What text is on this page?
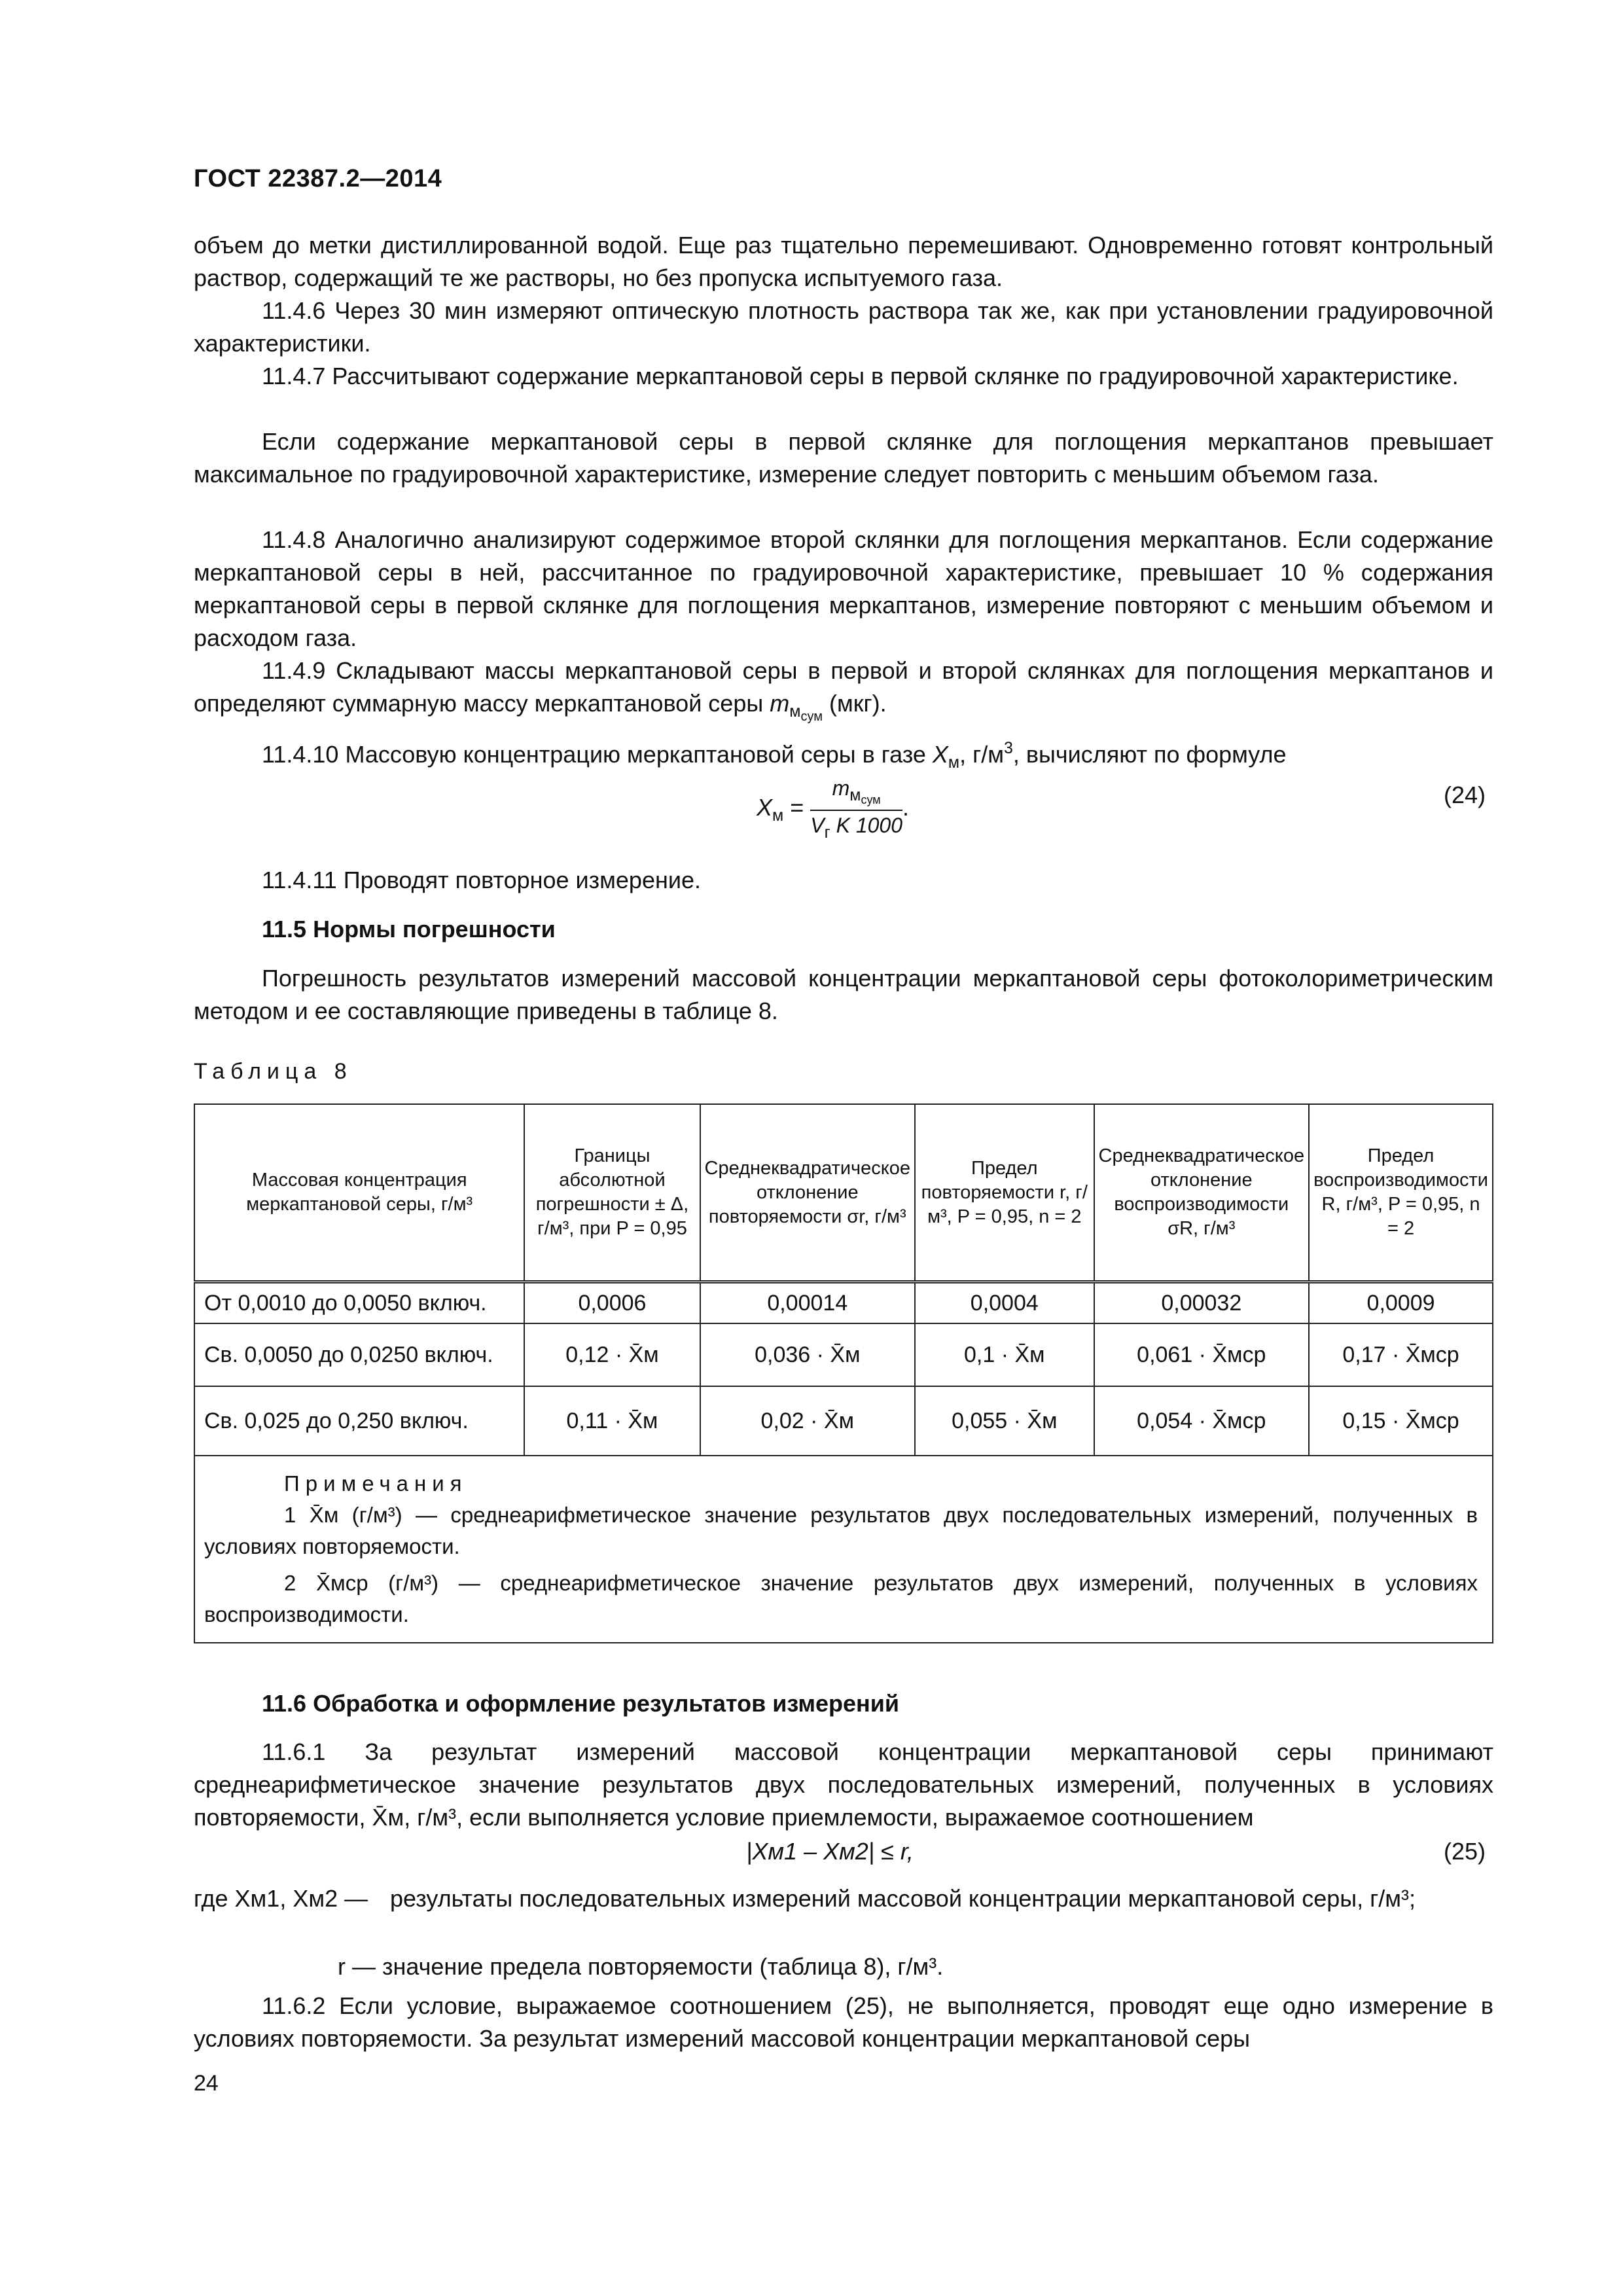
ГОСТ 22387.2—2014
объем до метки дистиллированной водой. Еще раз тщательно перемешивают. Одновременно готовят контрольный раствор, содержащий те же растворы, но без пропуска испытуемого газа.
11.4.6 Через 30 мин измеряют оптическую плотность раствора так же, как при установлении градуировочной характеристики.
11.4.7 Рассчитывают содержание меркаптановой серы в первой склянке по градуировочной характеристике.
Если содержание меркаптановой серы в первой склянке для поглощения меркаптанов превышает максимальное по градуировочной характеристике, измерение следует повторить с меньшим объемом газа.
11.4.8 Аналогично анализируют содержимое второй склянки для поглощения меркаптанов. Если содержание меркаптановой серы в ней, рассчитанное по градуировочной характеристике, превышает 10 % содержания меркаптановой серы в первой склянке для поглощения меркаптанов, измерение повторяют с меньшим объемом и расходом газа.
11.4.9 Складывают массы меркаптановой серы в первой и второй склянках для поглощения меркаптанов и определяют суммарную массу меркаптановой серы $m_{м_{сум}}$ (мкг).
11.4.10 Массовую концентрацию меркаптановой серы в газе $X_м$, $г/м^3$, вычисляют по формуле
$X_м = \frac{m_{м_{сум}}}{V_г K 1000}$ .	(24)
11.4.11 Проводят повторное измерение.
11.5 Нормы погрешности
Погрешность результатов измерений массовой концентрации меркаптановой серы фотоколориметрическим методом и ее составляющие приведены в таблице 8.
Таблица 8
Массовая концентрация меркаптановой серы, г/м³	Границы абсолютной погрешности ± Δ, г/м³, при P = 0,95	Среднеквадратическое отклонение повторяемости σr, г/м³	Предел повторяемости r, г/м³, P = 0,95, n = 2	Среднеквадратическое отклонение воспроизводимости σR, г/м³	Предел воспроизводимости R, г/м³, P = 0,95, n = 2
От 0,0010 до 0,0050 включ.	0,0006	0,00014	0,0004	0,00032	0,0009
Св. 0,0050 до 0,0250 включ.	0,12 · X̄м	0,036 · X̄м	0,1 · X̄м	0,061 · X̄мср	0,17 · X̄мср
Св. 0,025 до 0,250 включ.	0,11 · X̄м	0,02 · X̄м	0,055 · X̄м	0,054 · X̄мср	0,15 · X̄мср

Примечания
1 X̄м (г/м³) — среднеарифметическое значение результатов двух последовательных измерений, полученных в условиях повторяемости.
2 X̄мср (г/м³) — среднеарифметическое значение результатов двух измерений, полученных в условиях воспроизводимости.					
11.6 Обработка и оформление результатов измерений
11.6.1 За результат измерений массовой концентрации меркаптановой серы принимают среднеарифметическое значение результатов двух последовательных измерений, полученных в условиях повторяемости, X̄м, г/м³, если выполняется условие приемлемости, выражаемое соотношением
|Xм1 – Xм2| ≤ r,	(25)
где Xм1, Xм2 — результаты последовательных измерений массовой концентрации меркаптановой серы, г/м³;
r — значение предела повторяемости (таблица 8), г/м³.
11.6.2 Если условие, выражаемое соотношением (25), не выполняется, проводят еще одно измерение в условиях повторяемости. За результат измерений массовой концентрации меркаптановой серы
24
